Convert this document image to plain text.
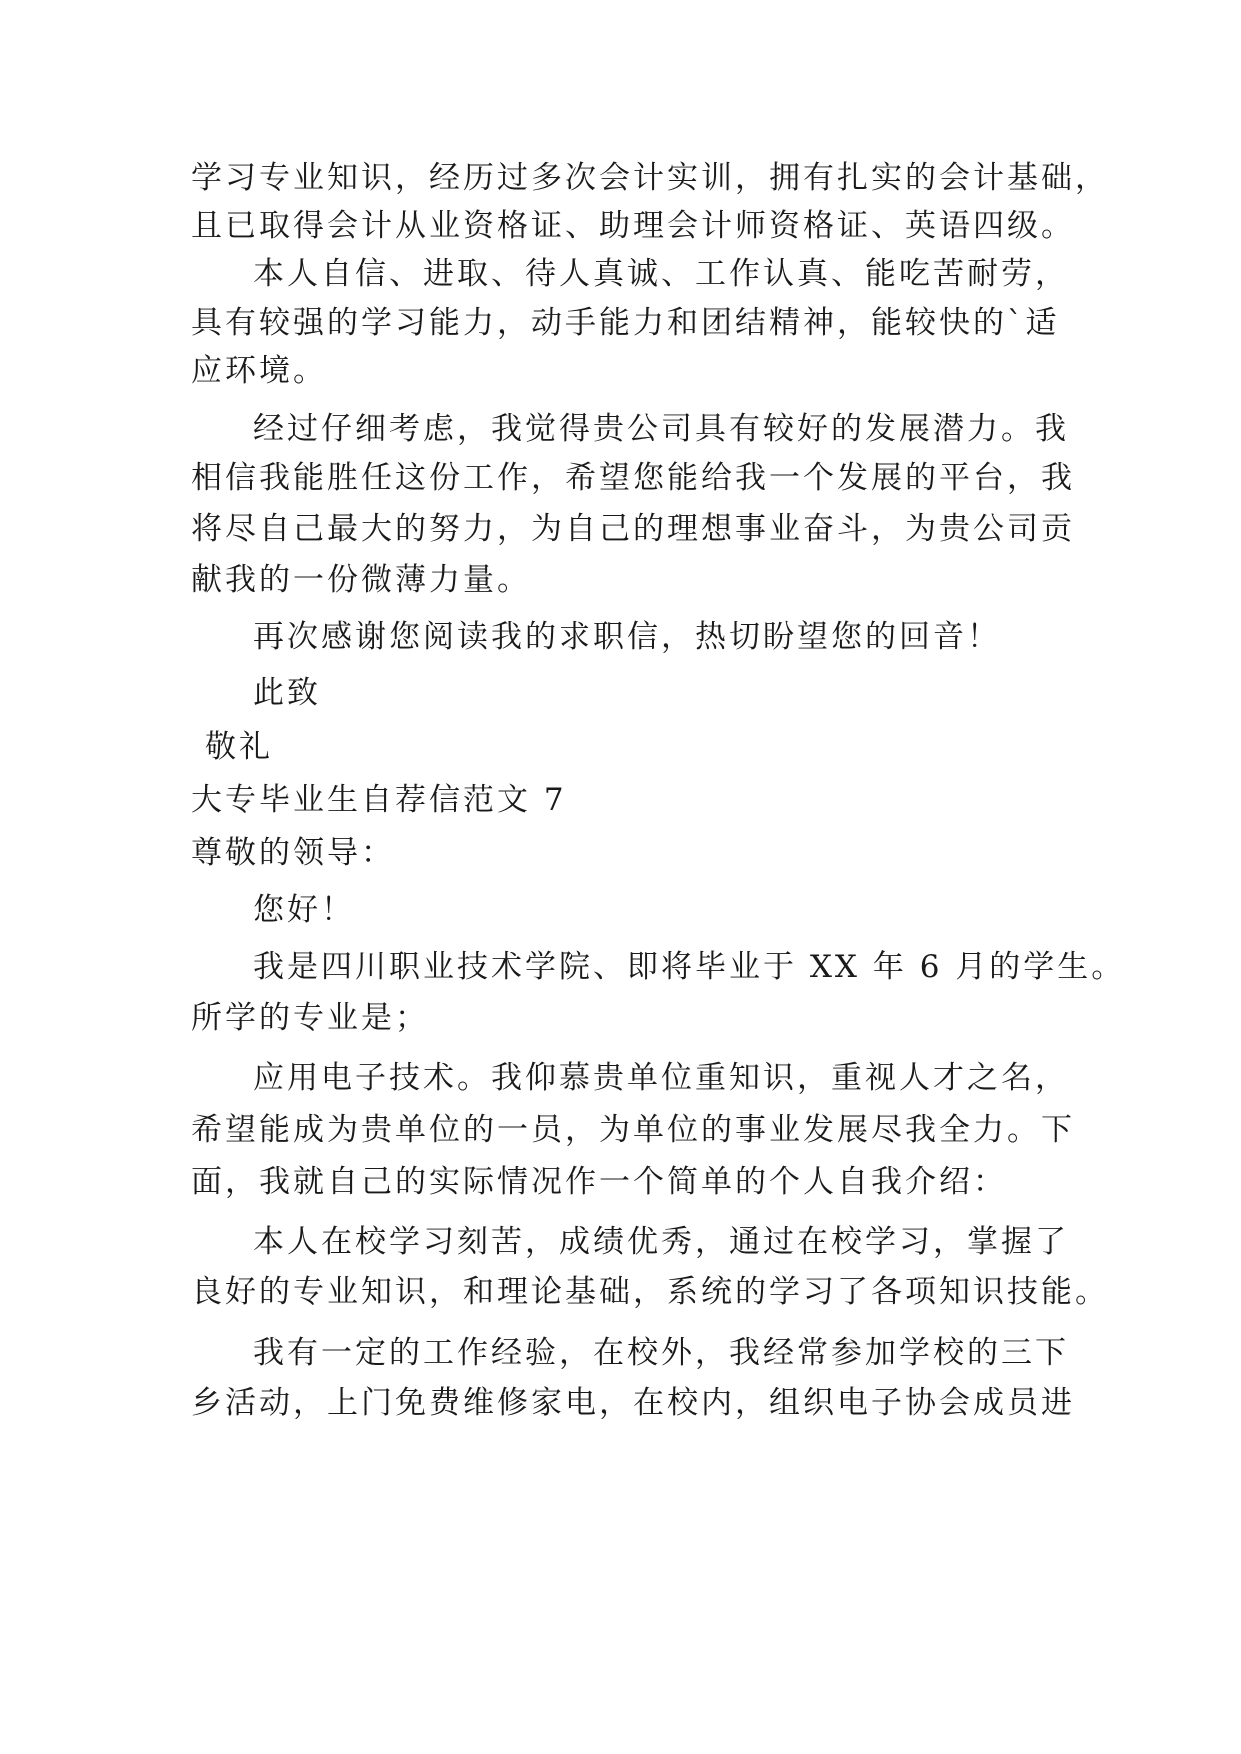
学习专业知识，经历过多次会计实训，拥有扎实的会计基础，
且已取得会计从业资格证、助理会计师资格证、英语四级。
本人自信、进取、待人真诚、工作认真、能吃苦耐劳，
具有较强的学习能力，动手能力和团结精神，能较快的`适
应环境。
经过仔细考虑，我觉得贵公司具有较好的发展潜力。我
相信我能胜任这份工作，希望您能给我一个发展的平台，我
将尽自己最大的努力，为自己的理想事业奋斗，为贵公司贡
献我的一份微薄力量。
再次感谢您阅读我的求职信，热切盼望您的回音！
此致
敬礼
大专毕业生自荐信范文 7
尊敬的领导：
您好！
我是四川职业技术学院、即将毕业于 XX 年 6 月的学生。
所学的专业是；
应用电子技术。我仰慕贵单位重知识，重视人才之名，
希望能成为贵单位的一员，为单位的事业发展尽我全力。下
面，我就自己的实际情况作一个简单的个人自我介绍：
本人在校学习刻苦，成绩优秀，通过在校学习，掌握了
良好的专业知识，和理论基础，系统的学习了各项知识技能。
我有一定的工作经验，在校外，我经常参加学校的三下
乡活动，上门免费维修家电，在校内，组织电子协会成员进
